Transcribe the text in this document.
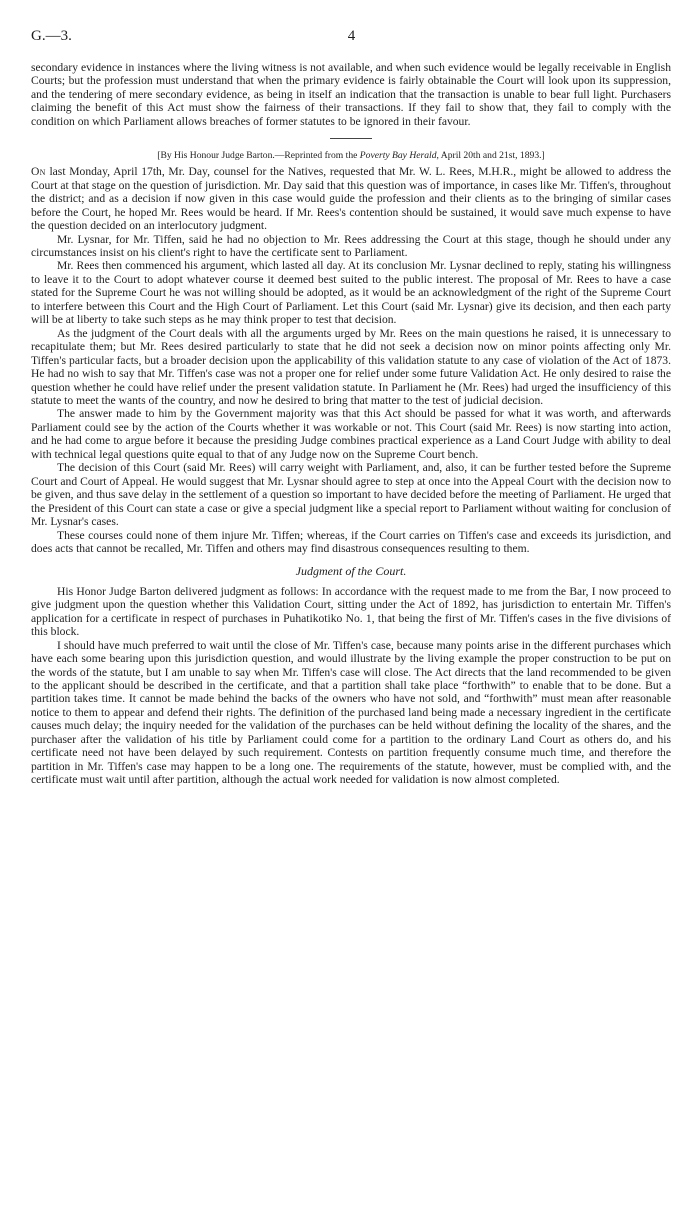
G.—3.	4

secondary evidence in instances where the living witness is not available, and when such evidence would be legally receivable in English Courts; but the profession must understand that when the primary evidence is fairly obtainable the Court will look upon its suppression, and the tendering of mere secondary evidence, as being in itself an indication that the transaction is unable to bear full light. Purchasers claiming the benefit of this Act must show the fairness of their transactions. If they fail to show that, they fail to comply with the condition on which Parliament allows breaches of former statutes to be ignored in their favour.

[By His Honour Judge Barton.—Reprinted from the Poverty Bay Herald, April 20th and 21st, 1893.]

On last Monday, April 17th, Mr. Day, counsel for the Natives, requested that Mr. W. L. Rees, M.H.R., might be allowed to address the Court at that stage on the question of jurisdiction. Mr. Day said that this question was of importance, in cases like Mr. Tiffen's, throughout the district; and as a decision if now given in this case would guide the profession and their clients as to the bringing of similar cases before the Court, he hoped Mr. Rees would be heard. If Mr. Rees's contention should be sustained, it would save much expense to have the question decided on an interlocutory judgment.

Mr. Lysnar, for Mr. Tiffen, said he had no objection to Mr. Rees addressing the Court at this stage, though he should under any circumstances insist on his client's right to have the certificate sent to Parliament.

Mr. Rees then commenced his argument, which lasted all day. At its conclusion Mr. Lysnar declined to reply, stating his willingness to leave it to the Court to adopt whatever course it deemed best suited to the public interest. The proposal of Mr. Rees to have a case stated for the Supreme Court he was not willing should be adopted, as it would be an acknowledgment of the right of the Supreme Court to interfere between this Court and the High Court of Parliament. Let this Court (said Mr. Lysnar) give its decision, and then each party will be at liberty to take such steps as he may think proper to test that decision.

As the judgment of the Court deals with all the arguments urged by Mr. Rees on the main questions he raised, it is unnecessary to recapitulate them; but Mr. Rees desired particularly to state that he did not seek a decision now on minor points affecting only Mr. Tiffen's particular facts, but a broader decision upon the applicability of this validation statute to any case of violation of the Act of 1873. He had no wish to say that Mr. Tiffen's case was not a proper one for relief under some future Validation Act. He only desired to raise the question whether he could have relief under the present validation statute. In Parliament he (Mr. Rees) had urged the insufficiency of this statute to meet the wants of the country, and now he desired to bring that matter to the test of judicial decision.

The answer made to him by the Government majority was that this Act should be passed for what it was worth, and afterwards Parliament could see by the action of the Courts whether it was workable or not. This Court (said Mr. Rees) is now starting into action, and he had come to argue before it because the presiding Judge combines practical experience as a Land Court Judge with ability to deal with technical legal questions quite equal to that of any Judge now on the Supreme Court bench.

The decision of this Court (said Mr. Rees) will carry weight with Parliament, and, also, it can be further tested before the Supreme Court and Court of Appeal. He would suggest that Mr. Lysnar should agree to step at once into the Appeal Court with the decision now to be given, and thus save delay in the settlement of a question so important to have decided before the meeting of Parliament. He urged that the President of this Court can state a case or give a special judgment like a special report to Parliament without waiting for conclusion of Mr. Lysnar's cases.

These courses could none of them injure Mr. Tiffen; whereas, if the Court carries on Tiffen's case and exceeds its jurisdiction, and does acts that cannot be recalled, Mr. Tiffen and others may find disastrous consequences resulting to them.

Judgment of the Court.

His Honor Judge Barton delivered judgment as follows: In accordance with the request made to me from the Bar, I now proceed to give judgment upon the question whether this Validation Court, sitting under the Act of 1892, has jurisdiction to entertain Mr. Tiffen's application for a certificate in respect of purchases in Puhatikotiko No. 1, that being the first of Mr. Tiffen's cases in the five divisions of this block.

I should have much preferred to wait until the close of Mr. Tiffen's case, because many points arise in the different purchases which have each some bearing upon this jurisdiction question, and would illustrate by the living example the proper construction to be put on the words of the statute, but I am unable to say when Mr. Tiffen's case will close. The Act directs that the land recommended to be given to the applicant should be described in the certificate, and that a partition shall take place “forthwith” to enable that to be done. But a partition takes time. It cannot be made behind the backs of the owners who have not sold, and “forthwith” must mean after reasonable notice to them to appear and defend their rights. The definition of the purchased land being made a necessary ingredient in the certificate causes much delay; the inquiry needed for the validation of the purchases can be held without defining the locality of the shares, and the purchaser after the validation of his title by Parliament could come for a partition to the ordinary Land Court as others do, and his certificate need not have been delayed by such requirement. Contests on partition frequently consume much time, and therefore the partition in Mr. Tiffen's case may happen to be a long one. The requirements of the statute, however, must be complied with, and the certificate must wait until after partition, although the actual work needed for validation is now almost completed.
